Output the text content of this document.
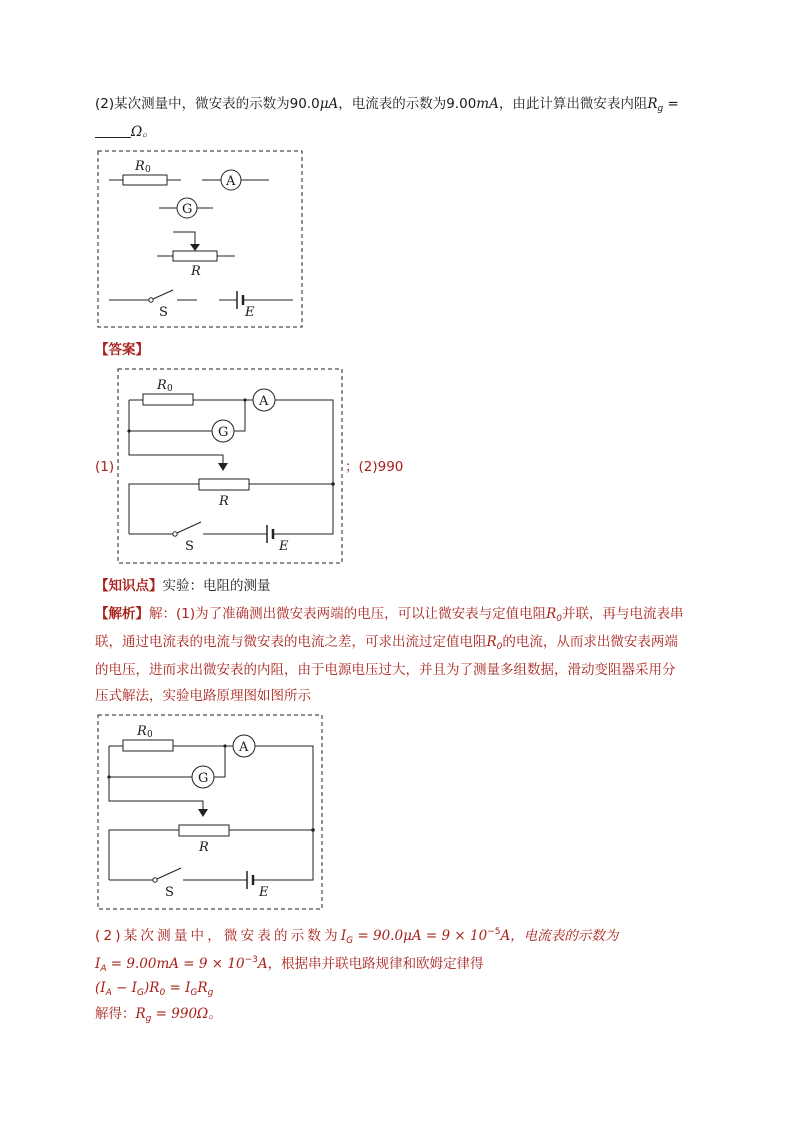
(2)某次测量中，微安表的示数为90.0μA，电流表的示数为9.00mA，由此计算出微安表内阻$R_g$ =
Ω。
R 0
A
G
R
S	E
【答案】
(1)	；(2)990
R 0
A
G
R
S	E
【知识点】实验：电阻的测量
【解析】解：(1)为了准确测出微安表两端的电压，可以让微安表与定值电阻$R_0$并联，再与电流表串
联，通过电流表的电流与微安表的电流之差，可求出流过定值电阻$R_0$的电流，从而求出微安表两端
的电压，进而求出微安表的内阻，由于电源电压过大，并且为了测量多组数据，滑动变阻器采用分
压式解法，实验电路原理图如图所示
R 0
A
G
R
S	E
(2)某次测量中，微安表的示数为$I_G = 90.0\mu A = 9 \times 10^{-5}A$，电流表的示数为
$I_A = 9.00mA = 9 \times 10^{-3}A$，根据串并联电路规律和欧姆定律得
$(I_A - I_G)R_0 = I_GR_g$
解得：$R_g = 990\Omega$。
